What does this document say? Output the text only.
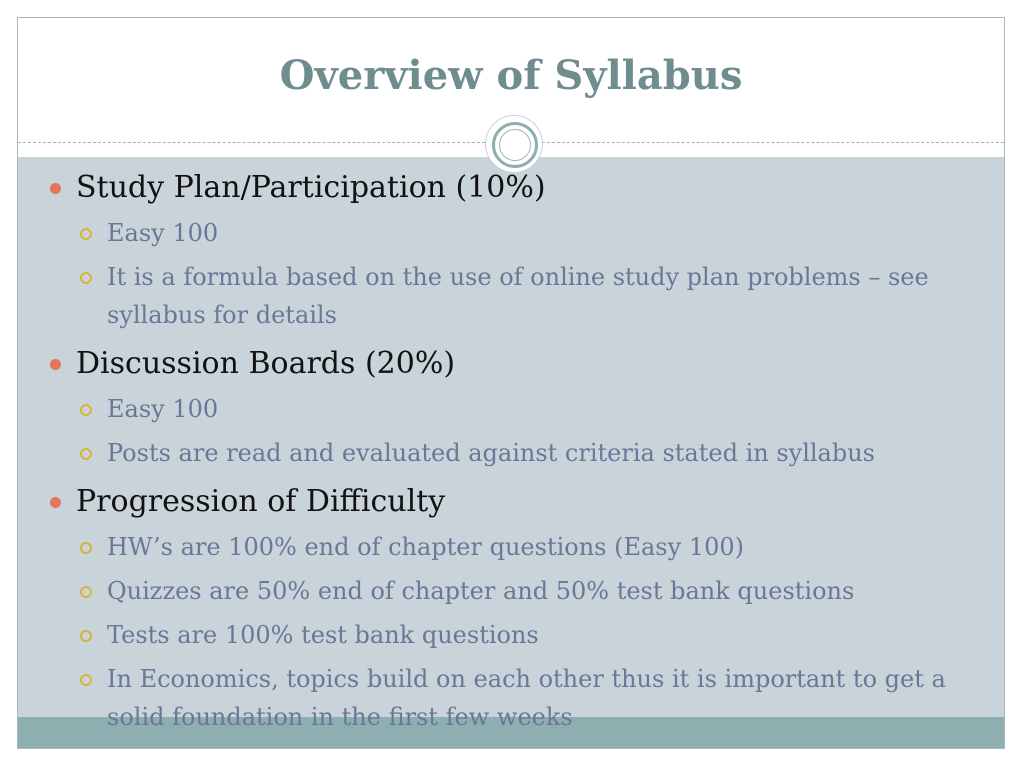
Overview of Syllabus
Study Plan/Participation (10%)
Easy 100
It is a formula based on the use of online study plan problems – see syllabus for details
Discussion Boards (20%)
Easy 100
Posts are read and evaluated against criteria stated in syllabus
Progression of Difficulty
HW’s are 100% end of chapter questions (Easy 100)
Quizzes are 50% end of chapter and 50% test bank questions
Tests are 100% test bank questions
In Economics, topics build on each other thus it is important to get a solid foundation in the first few weeks
